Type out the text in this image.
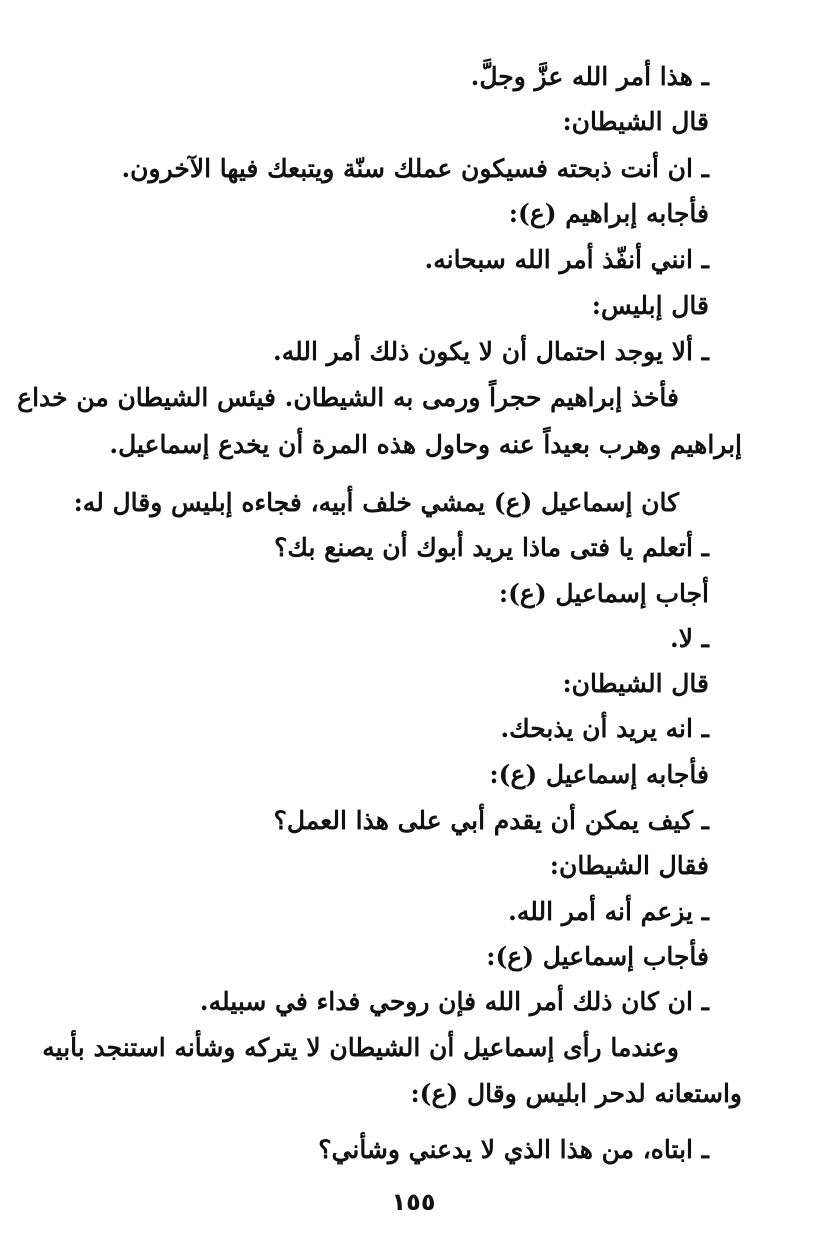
ـ هذا أمر الله عزَّ وجلَّ.
قال الشيطان:
ـ ان أنت ذبحته فسيكون عملك سنّة ويتبعك فيها الآخرون.
فأجابه إبراهيم (ع):
ـ انني أنفّذ أمر الله سبحانه.
قال إبليس:
ـ ألا يوجد احتمال أن لا يكون ذلك أمر الله.
فأخذ إبراهيم حجراً ورمى به الشيطان. فيئس الشيطان من خداع
إبراهيم وهرب بعيداً عنه وحاول هذه المرة أن يخدع إسماعيل.
كان إسماعيل (ع) يمشي خلف أبيه، فجاءه إبليس وقال له:
ـ أتعلم يا فتى ماذا يريد أبوك أن يصنع بك؟
أجاب إسماعيل (ع):
ـ لا.
قال الشيطان:
ـ انه يريد أن يذبحك.
فأجابه إسماعيل (ع):
ـ كيف يمكن أن يقدم أبي على هذا العمل؟
فقال الشيطان:
ـ يزعم أنه أمر الله.
فأجاب إسماعيل (ع):
ـ ان كان ذلك أمر الله فإن روحي فداء في سبيله.
وعندما رأى إسماعيل أن الشيطان لا يتركه وشأنه استنجد بأبيه
واستعانه لدحر ابليس وقال (ع):
ـ ابتاه، من هذا الذي لا يدعني وشأني؟
١٥٥
